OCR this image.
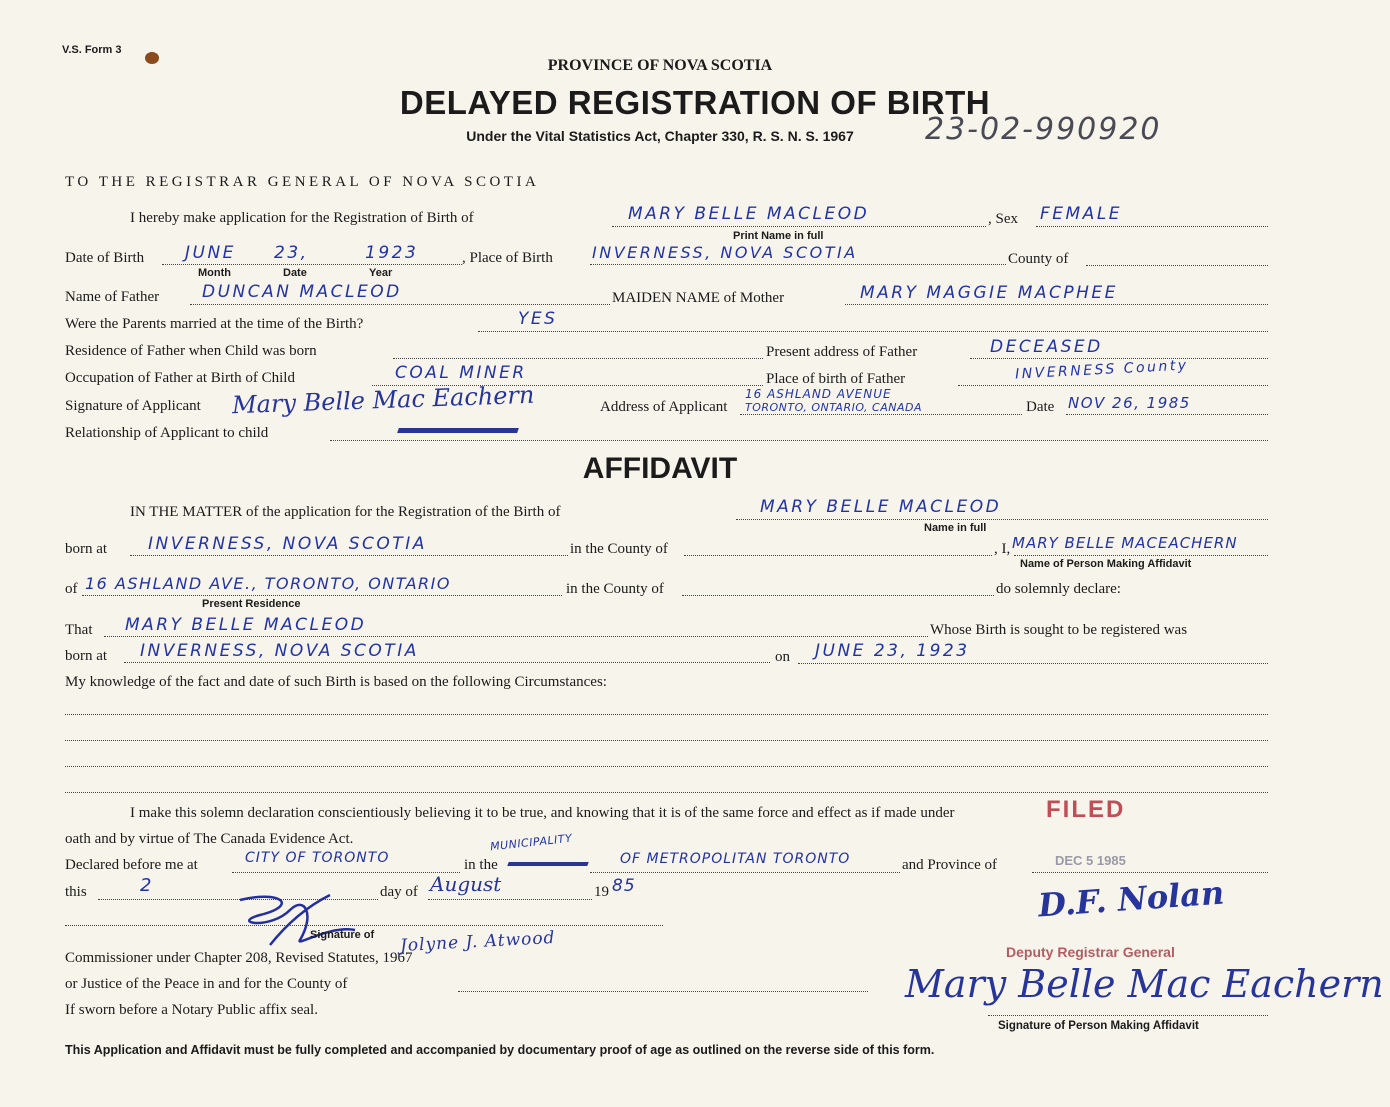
V.S. Form 3
PROVINCE OF NOVA SCOTIA
DELAYED REGISTRATION OF BIRTH
Under the Vital Statistics Act, Chapter 330, R. S. N. S. 1967	23-02-990920
TO THE REGISTRAR GENERAL OF NOVA SCOTIA
I hereby make application for the Registration of Birth of	MARY BELLE MACLEOD	, Sex FEMALE
Print Name in full
Date of Birth JUNE 23,	1923
Month	Date	Year
, Place of Birth INVERNESS, NOVA SCOTIA	County of
Name of Father	DUNCAN MACLEOD	MAIDEN NAME of Mother	MARY MAGGIE MACPHEE
Were the Parents married at the time of the Birth?	YES
Residence of Father when Child was born	Present address of Father	DECEASED
Occupation of Father at Birth of Child	COAL MINER	Place of birth of Father	INVERNESS County
Signature of Applicant Mary Belle Mac Eachern	Address of Applicant
16 ASHLAND AVENUE
TORONTO, ONTARIO, CANADA	Date NOV 26, 1985
Relationship of Applicant to child
AFFIDAVIT
IN THE MATTER of the application for the Registration of the Birth of	MARY BELLE MACLEOD
Name in full
born at INVERNESS, NOVA SCOTIA	in the County of	, I, MARY BELLE MACEACHERN
Name of Person Making Affidavit
of 16 ASHLAND AVE., TORONTO, ONTARIO
Present Residence
in the County of	do solemnly declare:
That MARY BELLE MACLEOD	Whose Birth is sought to be registered was
born at INVERNESS, NOVA SCOTIA	on JUNE 23, 1923
My knowledge of the fact and date of such Birth is based on the following Circumstances:
I make this solemn declaration conscientiously believing it to be true, and knowing that it is of the same force and effect as if made under
oath and by virtue of The Canada Evidence Act.
FILED
Declared before me at	CITY OF TORONTO	in the
MUNICIPALITY
OF METROPOLITAN TORONTO	and Province of	DEC 5 1985
this	2	day of August	19 85
Signature of Jolyne J. Atwood
Commissioner under Chapter 208, Revised Statutes, 1967
or Justice of the Peace in and for the County of
If sworn before a Notary Public affix seal.
D.F. Nolan
Deputy Registrar General
Mary Belle Mac Eachern
Signature of Person Making Affidavit
This Application and Affidavit must be fully completed and accompanied by documentary proof of age as outlined on the reverse side of this form.
